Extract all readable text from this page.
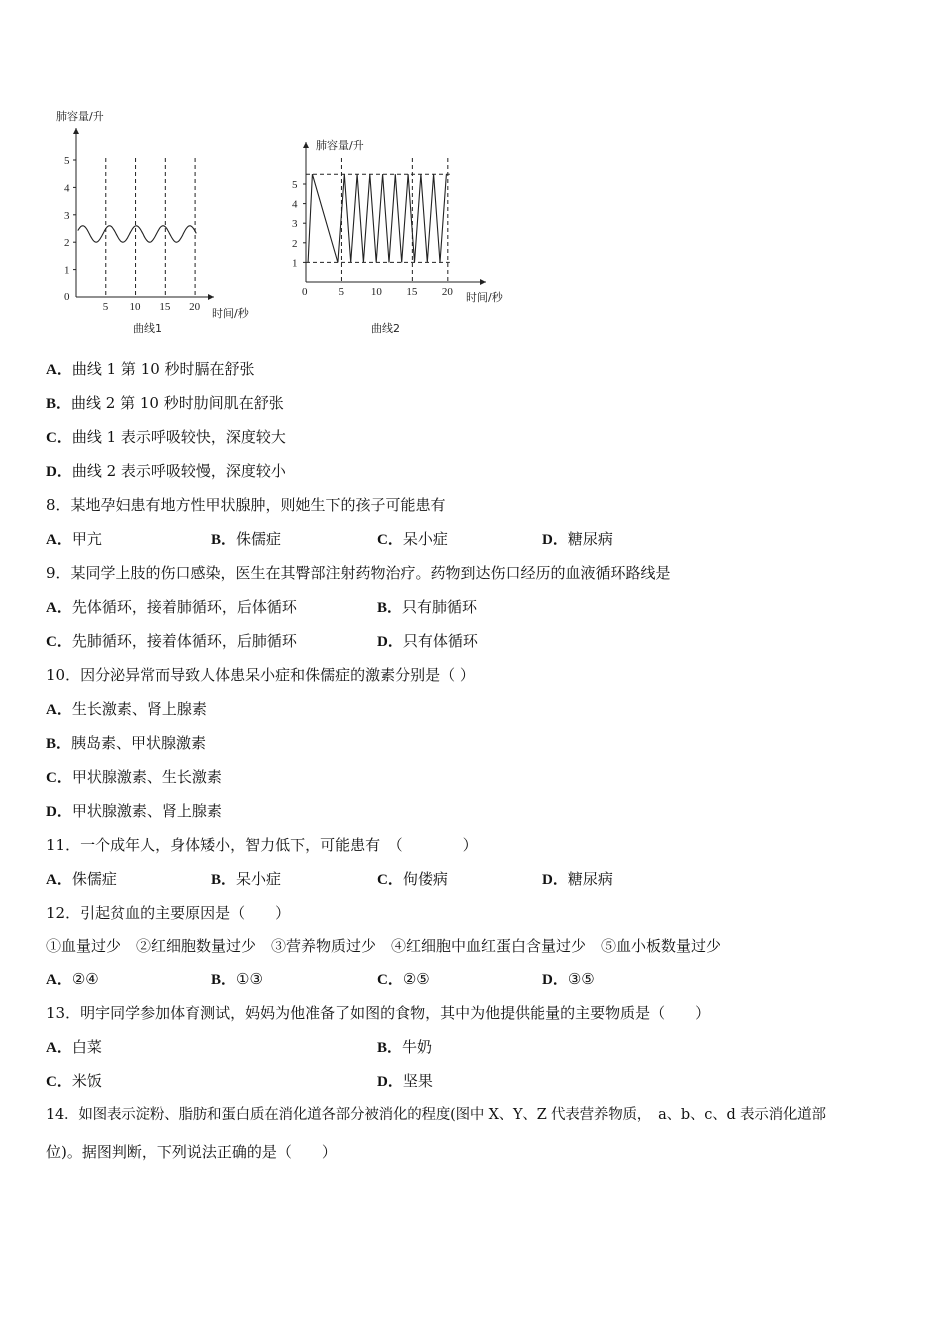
肺容量/升
0
1
2
3
4
5
5 10 15 20 时间/秒
曲线1
肺容量/升
0
1
2
3
4
5
5 10 15 20 时间/秒
曲线2
A．曲线 1 第 10 秒时膈在舒张
B．曲线 2 第 10 秒时肋间肌在舒张
C．曲线 1 表示呼吸较快，深度较大
D．曲线 2 表示呼吸较慢，深度较小
8．某地孕妇患有地方性甲状腺肿，则她生下的孩子可能患有
A．甲亢	B．侏儒症	C．呆小症	D．糖尿病
9．某同学上肢的伤口感染，医生在其臀部注射药物治疗。药物到达伤口经历的血液循环路线是
A．先体循环，接着肺循环，后体循环	B．只有肺循环
C．先肺循环，接着体循环，后肺循环	D．只有体循环
10．因分泌异常而导致人体患呆小症和侏儒症的激素分别是（ ）
A．生长激素、肾上腺素
B．胰岛素、甲状腺激素
C．甲状腺激素、生长激素
D．甲状腺激素、肾上腺素
11．一个成年人，身体矮小，智力低下，可能患有　（　　　　）
A．侏儒症	B．呆小症	C．佝偻病	D．糖尿病
12．引起贫血的主要原因是（　　）
①血量过少　②红细胞数量过少　③营养物质过少　④红细胞中血红蛋白含量过少　⑤血小板数量过少
A．②④	B．①③	C．②⑤	D．③⑤
13．明宇同学参加体育测试，妈妈为他准备了如图的食物，其中为他提供能量的主要物质是（　　）
A．白菜	B．牛奶
C．米饭	D．坚果
14．如图表示淀粉、脂肪和蛋白质在消化道各部分被消化的程度(图中 X、Y、Z 代表营养物质，　a、b、c、d 表示消化道部
位)。据图判断，下列说法正确的是（　　）
